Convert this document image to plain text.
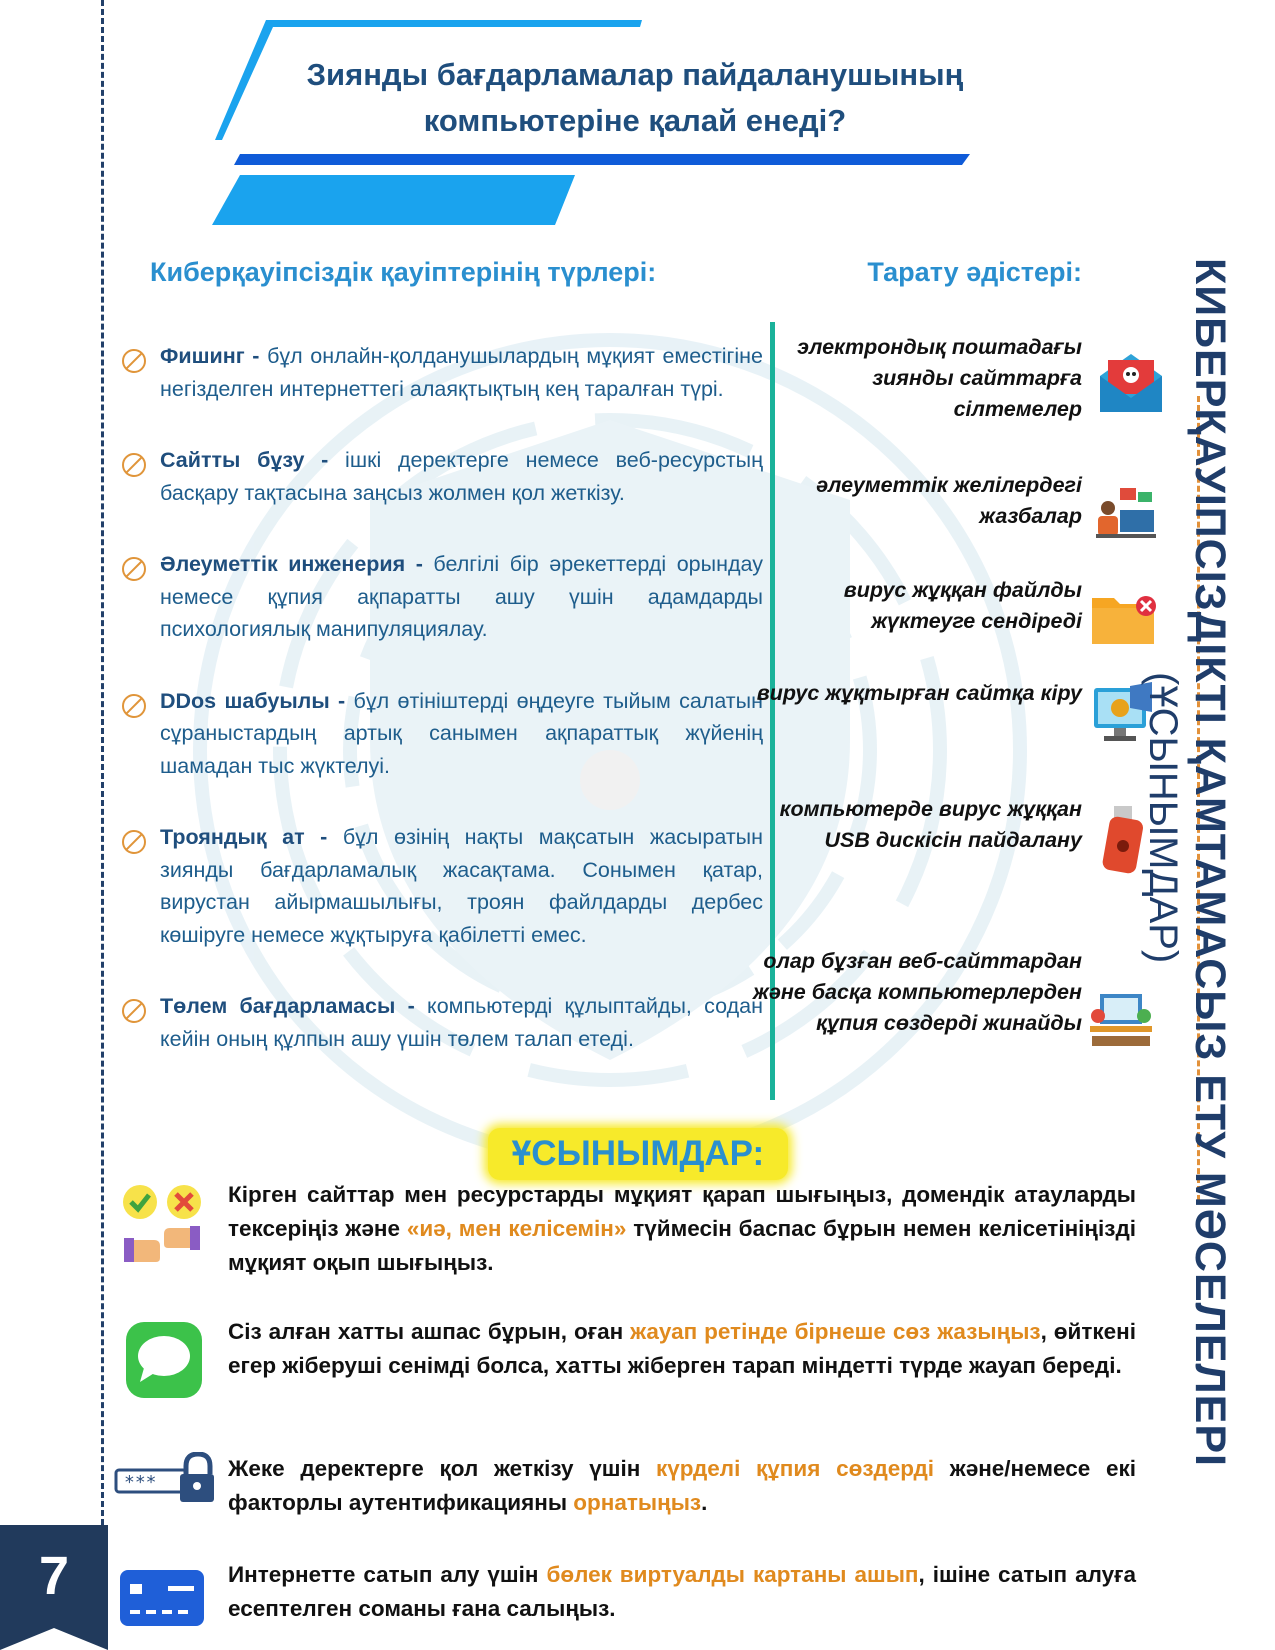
7
Зиянды бағдарламалар пайдаланушының
компьютеріне қалай енеді?
Киберқауіпсіздік қауіптерінің түрлері:	Тарату әдістері:
Фишинг - бұл онлайн-қолданушылардың мұқият еместігіне негізделген интернеттегі алаяқтықтың кең таралған түрі.
Сайтты бұзу - ішкі деректерге немесе веб-ресурстың басқару тақтасына заңсыз жолмен қол жеткізу.
Әлеуметтік инженерия - белгілі бір әрекеттерді орындау немесе құпия ақпаратты ашу үшін адамдарды психологиялық манипуляциялау.
DDos шабуылы - бұл өтініштерді өңдеуге тыйым салатын сұраныстардың артық санымен ақпараттық жүйенің шамадан тыс жүктелуі.
Трояндық ат - бұл өзінің нақты мақсатын жасыратын зиянды бағдарламалық жасақтама. Сонымен қатар, вирустан айырмашылығы, троян файлдарды дербес көшіруге немесе жұқтыруға қабілетті емес.
Төлем бағдарламасы - компьютерді құлыптайды, содан кейін оның құлпын ашу үшін төлем талап етеді.
электрондық поштадағы зиянды сайттарға сілтемелер
әлеуметтік желілердегі жазбалар
вирус жұққан файлды жүктеуге сендіреді
вирус жұқтырған сайтқа кіру
компьютерде вирус жұққан USB дискісін пайдалану
олар бұзған веб-сайттардан және басқа компьютерлерден құпия сөздерді жинайды КИБЕРҚАУІПСІЗДІКТІ ҚАМТАМАСЫЗ ЕТУ МӘСЕЛЕЛЕРІ
(ҰСЫНЫМДАР)
ҰСЫНЫМДАР:
Кірген сайттар мен ресурстарды мұқият қарап шығыңыз, домендік атауларды тексеріңіз және «иә, мен келісемін» түймесін баспас бұрын немен келісетініңізді мұқият оқып шығыңыз.
Сіз алған хатты ашпас бұрын, оған жауап ретінде бірнеше сөз жазыңыз, өйткені егер жіберуші сенімді болса, хатты жіберген тарап міндетті түрде жауап береді.
***
Жеке деректерге қол жеткізу үшін күрделі құпия сөздерді және/немесе екі факторлы аутентификацияны орнатыңыз.
Интернетте сатып алу үшін бөлек виртуалды картаны ашып, ішіне сатып алуға есептелген соманы ғана салыңыз.
